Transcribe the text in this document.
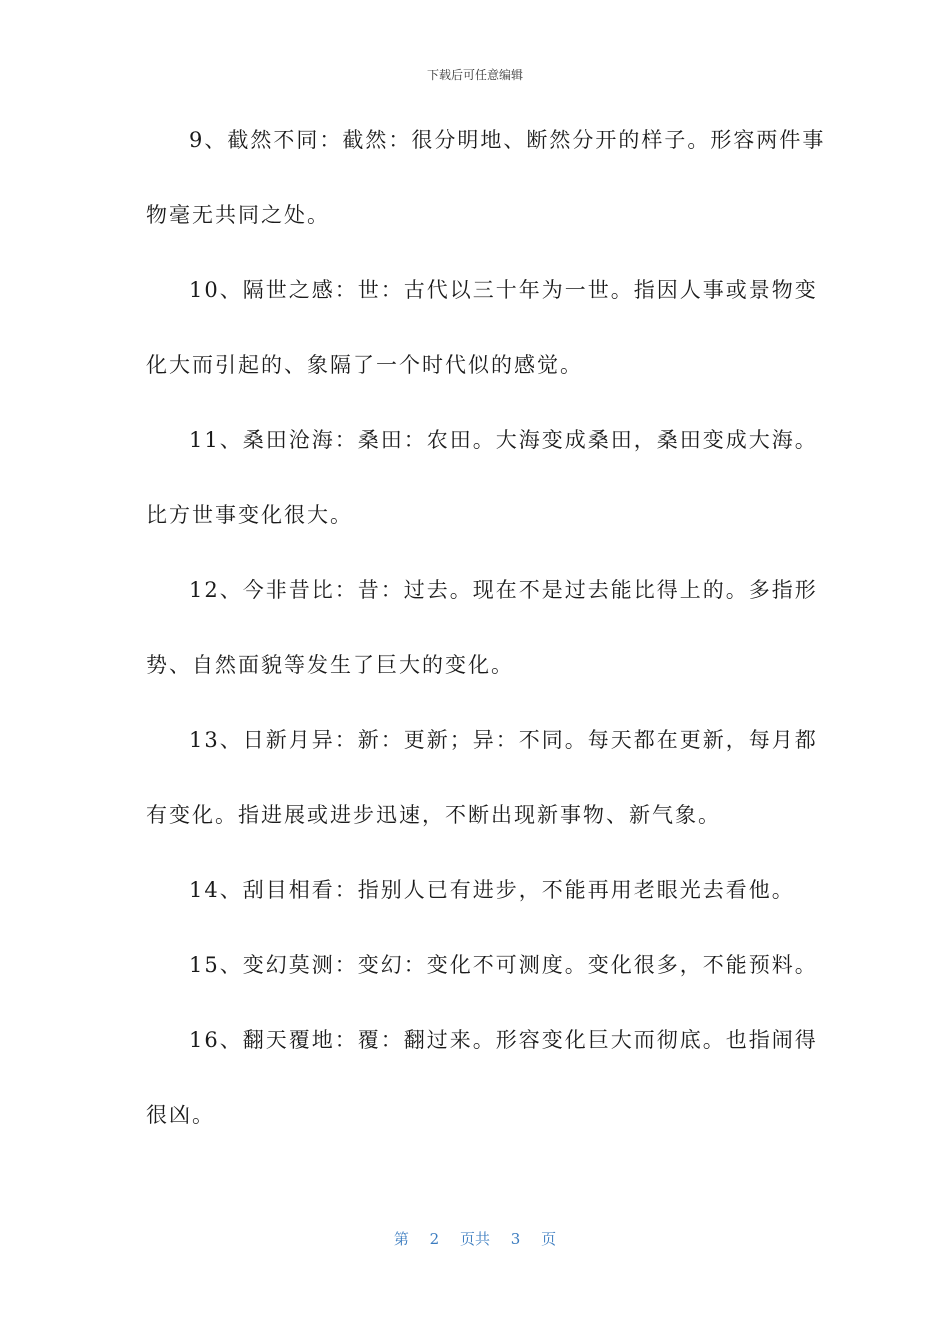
下载后可任意编辑
9、截然不同：截然：很分明地、断然分开的样子。形容两件事
物毫无共同之处。
10、隔世之感：世：古代以三十年为一世。指因人事或景物变
化大而引起的、象隔了一个时代似的感觉。
11、桑田沧海：桑田：农田。大海变成桑田，桑田变成大海。
比方世事变化很大。
12、今非昔比：昔：过去。现在不是过去能比得上的。多指形
势、自然面貌等发生了巨大的变化。
13、日新月异：新：更新；异：不同。每天都在更新，每月都
有变化。指进展或进步迅速，不断出现新事物、新气象。
14、刮目相看：指别人已有进步，不能再用老眼光去看他。
15、变幻莫测：变幻：变化不可测度。变化很多，不能预料。
16、翻天覆地：覆：翻过来。形容变化巨大而彻底。也指闹得
很凶。
第 2 页共 3 页
